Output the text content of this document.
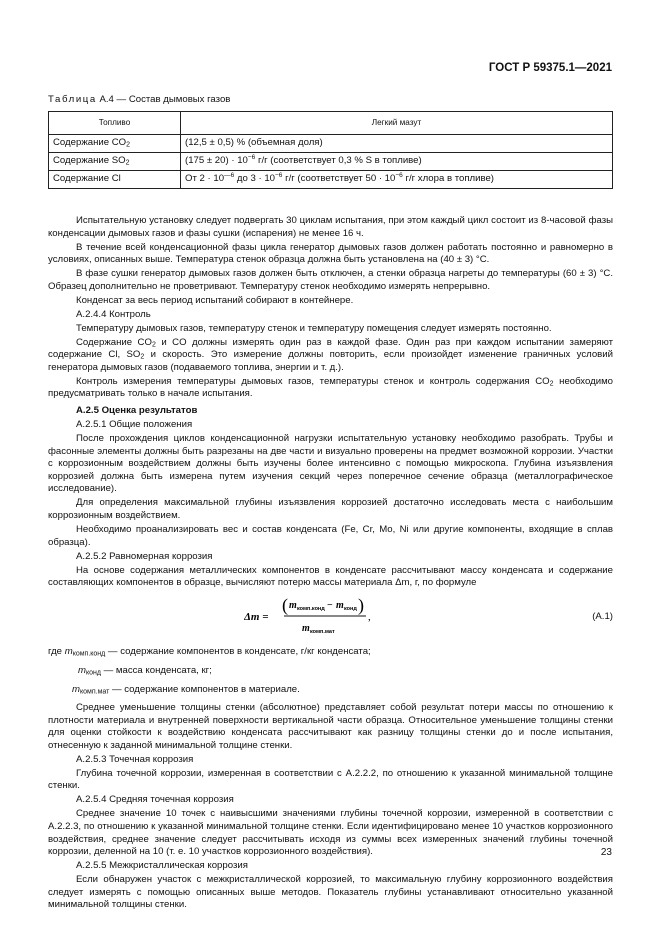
ГОСТ Р 59375.1—2021
Таблица А.4 — Состав дымовых газов
Топливо	Легкий мазут
Содержание $CO_2$	(12,5 ± 0,5) % (объемная доля)
Содержание $SO_2$	$(175 \pm 20) \cdot 10^{-6}$ г/г (соответствует 0,3 % S в топливе)
Содержание Cl	От $2 \cdot 10^{—6}$ до $3 \cdot 10^{-6}$ г/г (соответствует $50 \cdot 10^{-6}$ г/г хлора в топливе)

Испытательную установку следует подвергать 30 циклам испытания, при этом каждый цикл состоит из 8-часовой фазы конденсации дымовых газов и фазы сушки (испарения) не менее 16 ч.

В течение всей конденсационной фазы цикла генератор дымовых газов должен работать постоянно и равномерно в условиях, описанных выше. Температура стенок образца должна быть установлена на (40 ± 3) °С.

В фазе сушки генератор дымовых газов должен быть отключен, а стенки образца нагреты до температуры (60 ± 3) °С. Образец дополнительно не проветривают. Температуру стенок необходимо измерять непрерывно.

Конденсат за весь период испытаний собирают в контейнере.

А.2.4.4 Контроль

Температуру дымовых газов, температуру стенок и температуру помещения следует измерять постоянно.

Содержание $CO_2$ и CO должны измерять один раз в каждой фазе. Один раз при каждом испытании замеряют содержание Cl, $SO_2$ и скорость. Это измерение должны повторить, если произойдет изменение граничных условий генератора дымовых газов (подаваемого топлива, энергии и т. д.).

Контроль измерения температуры дымовых газов, температуры стенок и контроль содержания $CO_2$ необходимо предусматривать только в начале испытания.

А.2.5 Оценка результатов

А.2.5.1 Общие положения

После прохождения циклов конденсационной нагрузки испытательную установку необходимо разобрать. Трубы и фасонные элементы должны быть разрезаны на две части и визуально проверены на предмет возможной коррозии. Участки с коррозионным воздействием должны быть изучены более интенсивно с помощью микроскопа. Глубина изъязвления коррозией должна быть измерена путем изучения секций через поперечное сечение образца (металлографическое исследование).

Для определения максимальной глубины изъязвления коррозией достаточно исследовать места с наибольшим коррозионным воздействием.

Необходимо проанализировать вес и состав конденсата (Fe, Cr, Mo, Ni или другие компоненты, входящие в сплав образца).

А.2.5.2 Равномерная коррозия

На основе содержания металлических компонентов в конденсате рассчитывают массу конденсата и содержание составляющих компонентов в образце, вычисляют потерю массы материала Δm, г, по формуле

Δm =
( m комп.конд − m конд )
m комп.мат
,	(А.1)
где $m_{комп.конд}$ — содержание компонентов в конденсате, г/кг конденсата;
$m_{конд}$ — масса конденсата, кг;
$m_{комп.мат}$ — содержание компонентов в материале.

Среднее уменьшение толщины стенки (абсолютное) представляет собой результат потери массы по отношению к плотности материала и внутренней поверхности вертикальной части образца. Относительное уменьшение толщины стенки для оценки стойкости к воздействию конденсата рассчитывают как разницу толщины стенки до и после испытания, отнесенную к заданной минимальной толщине стенки.

А.2.5.3 Точечная коррозия

Глубина точечной коррозии, измеренная в соответствии с А.2.2.2, по отношению к указанной минимальной толщине стенки.

А.2.5.4 Средняя точечная коррозия

Среднее значение 10 точек с наивысшими значениями глубины точечной коррозии, измеренной в соответствии с А.2.2.3, по отношению к указанной минимальной толщине стенки. Если идентифицировано менее 10 участков коррозионного воздействия, среднее значение следует рассчитывать исходя из суммы всех измеренных значений глубины точечной коррозии, деленной на 10 (т. е. 10 участков коррозионного воздействия).

А.2.5.5 Межкристаллическая коррозия

Если обнаружен участок с межкристаллической коррозией, то максимальную глубину коррозионного воздействия следует измерять с помощью описанных выше методов. Показатель глубины устанавливают относительно указанной минимальной толщины стенки.

23
